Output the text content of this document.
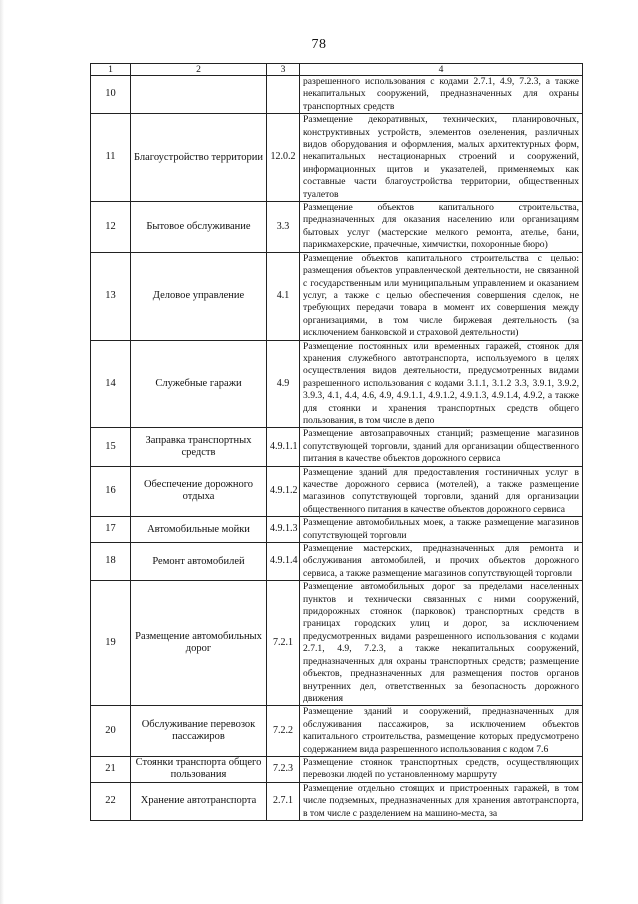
78
1	2	3	4
10			разрешенного использования с кодами 2.7.1, 4.9, 7.2.3, а также некапитальных сооружений, предназначенных для охраны транспортных средств
11	Благоустройство территории	12.0.2	Размещение декоративных, технических, планировочных, конструктивных устройств, элементов озеленения, различных видов оборудования и оформления, малых архитектурных форм, некапитальных нестационарных строений и сооружений, информационных щитов и указателей, применяемых как составные части благоустройства территории, общественных туалетов
12	Бытовое обслуживание	3.3	Размещение объектов капитального строительства, предназначенных для оказания населению или организациям бытовых услуг (мастерские мелкого ремонта, ателье, бани, парикмахерские, прачечные, химчистки, похоронные бюро)
13	Деловое управление	4.1	Размещение объектов капитального строительства с целью: размещения объектов управленческой деятельности, не связанной с государственным или муниципальным управлением и оказанием услуг, а также с целью обеспечения совершения сделок, не требующих передачи товара в момент их совершения между организациями, в том числе биржевая деятельность (за исключением банковской и страховой деятельности)
14	Служебные гаражи	4.9	Размещение постоянных или временных гаражей, стоянок для хранения служебного автотранспорта, используемого в целях осуществления видов деятельности, предусмотренных видами разрешенного использования с кодами 3.1.1, 3.1.2 3.3, 3.9.1, 3.9.2, 3.9.3, 4.1, 4.4, 4.6, 4.9, 4.9.1.1, 4.9.1.2, 4.9.1.3, 4.9.1.4, 4.9.2, а также для стоянки и хранения транспортных средств общего пользования, в том числе в депо
15	Заправка транспортных средств	4.9.1.1	Размещение автозаправочных станций; размещение магазинов сопутствующей торговли, зданий для организации общественного питания в качестве объектов дорожного сервиса
16	Обеспечение дорожного отдыха	4.9.1.2	Размещение зданий для предоставления гостиничных услуг в качестве дорожного сервиса (мотелей), а также размещение магазинов сопутствующей торговли, зданий для организации общественного питания в качестве объектов дорожного сервиса
17	Автомобильные мойки	4.9.1.3	Размещение автомобильных моек, а также размещение магазинов сопутствующей торговли
18	Ремонт автомобилей	4.9.1.4	Размещение мастерских, предназначенных для ремонта и обслуживания автомобилей, и прочих объектов дорожного сервиса, а также размещение магазинов сопутствующей торговли
19	Размещение автомобильных дорог	7.2.1	Размещение автомобильных дорог за пределами населенных пунктов и технически связанных с ними сооружений, придорожных стоянок (парковок) транспортных средств в границах городских улиц и дорог, за исключением предусмотренных видами разрешенного использования с кодами 2.7.1, 4.9, 7.2.3, а также некапитальных сооружений, предназначенных для охраны транспортных средств; размещение объектов, предназначенных для размещения постов органов внутренних дел, ответственных за безопасность дорожного движения
20	Обслуживание перевозок пассажиров	7.2.2	Размещение зданий и сооружений, предназначенных для обслуживания пассажиров, за исключением объектов капитального строительства, размещение которых предусмотрено содержанием вида разрешенного использования с кодом 7.6
21	Стоянки транспорта общего пользования	7.2.3	Размещение стоянок транспортных средств, осуществляющих перевозки людей по установленному маршруту
22	Хранение автотранспорта	2.7.1	Размещение отдельно стоящих и пристроенных гаражей, в том числе подземных, предназначенных для хранения автотранспорта, в том числе с разделением на машино-места, за
